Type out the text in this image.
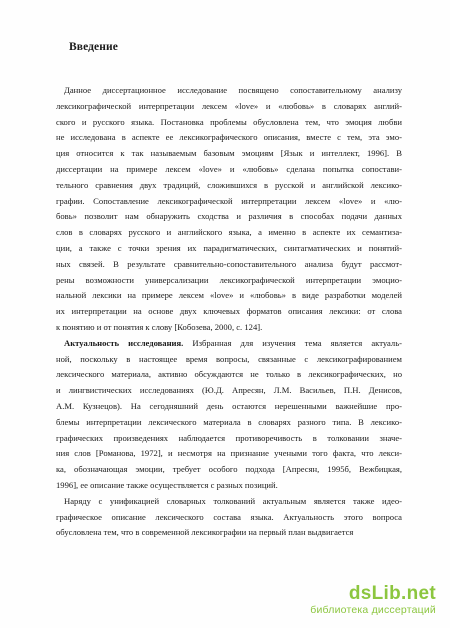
Введение
Данное диссертационное исследование посвящено сопоставительному анализу
лексикографической интерпретации лексем «love» и «любовь» в словарях англий-
ского и русского языка. Постановка проблемы обусловлена тем, что эмоция любви
не исследована в аспекте ее лексикографического описания, вместе с тем, эта эмо-
ция относится к так называемым базовым эмоциям [Язык и интеллект, 1996]. В
диссертации на примере лексем «love» и «любовь» сделана попытка сопостави-
тельного сравнения двух традиций, сложившихся в русской и английской лексико-
графии. Сопоставление лексикографической интерпретации лексем «love» и «лю-
бовь» позволит нам обнаружить сходства и различия в способах подачи данных
слов в словарях русского и английского языка, а именно в аспекте их семантиза-
ции, а также с точки зрения их парадигматических, синтагматических и понятий-
ных связей. В результате сравнительно-сопоставительного анализа будут рассмот-
рены возможности универсализации лексикографической интерпретации эмоцио-
нальной лексики на примере лексем «love» и «любовь» в виде разработки моделей
их интерпретации на основе двух ключевых форматов описания лексики: от слова
к понятию и от понятия к слову [Кобозева, 2000, с. 124].
Актуальность исследования. Избранная для изучения тема является актуаль-
ной, поскольку в настоящее время вопросы, связанные с лексикографированием
лексического материала, активно обсуждаются не только в лексикографических, но
и лингвистических исследованиях (Ю.Д. Апресян, Л.М. Васильев, П.Н. Денисов,
А.М. Кузнецов). На сегодняшний день остаются нерешенными важнейшие про-
блемы интерпретации лексического материала в словарях разного типа. В лексико-
графических произведениях наблюдается противоречивость в толковании значе-
ния слов [Романова, 1972], и несмотря на признание учеными того факта, что лекси-
ка, обозначающая эмоции, требует особого подхода [Апресян, 1995б, Вежбицкая,
1996], ее описание также осуществляется с разных позиций.
Наряду с унификацией словарных толкований актуальным является также идео-
графическое описание лексического состава языка. Актуальность этого вопроса
обусловлена тем, что в современной лексикографии на первый план выдвигается
dsLib.net
библиотека диссертаций
